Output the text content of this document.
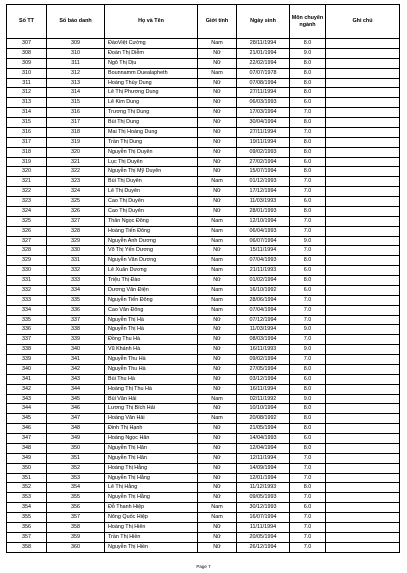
Số TT	Số báo danh	Họ và Tên	Giới tính	Ngày sinh	Môn chuyên ngành	Ghi chú
307	309	ĐàoViệt Cường	Nam	28/11/1994	8.0	
308	310	Đoàn Thị Diễm	Nữ	21/01/1994	9.0	
309	311	Ngô Thị Dịu	Nữ	22/02/1994	8.0	
310	312	Bounnamm Duealapheth	Nam	07/07/1978	8.0	
311	313	Hoàng Thùy Dung	Nữ	07/08/1994	8.0	
312	314	Lê Thị Phương Dung	Nữ	27/11/1994	8.0	
313	315	Lê Kim Dung	Nữ	06/03/1993	6.0	
314	316	Trương Thị Dung	Nữ	17/03/1994	7.0	
315	317	Bùi Thị Dung	Nữ	30/04/1994	8.0	
316	318	Mai Thị Hoàng Dung	Nữ	27/11/1994	7.0	
317	319	Trần Thị Dung	Nữ	19/11/1994	8.0	
318	320	Nguyễn Thị Duyên	Nữ	09/02/1993	8.0	
319	321	Lục Thị Duyên	Nữ	27/02/1994	6.0	
320	322	Nguyễn Thị Mỹ Duyên	Nữ	15/07/1994	8.0	
321	323	Bùi Thị Duyên	Nam	01/12/1993	7.0	
322	324	Lê Thị Duyên	Nữ	17/12/1994	7.0	
323	325	Cao Thị Duyên	Nữ	11/03/1993	6.0	
324	326	Cao Thị Duyên	Nữ	28/01/1993	8.0	
325	327	Thân Ngọc Đông	Nam	12/10/1994	7.0	
326	328	Hoàng Tiến Đông	Nam	06/04/1993	7.0	
327	329	Nguyễn Anh Dương	Nam	06/07/1994	9.0	
328	330	Võ Thị Yến Dương	Nữ	15/11/1994	7.0	
329	331	Nguyễn Văn Dương	Nam	07/04/1993	8.0	
330	332	Lê Xuân Dương	Nam	21/11/1993	6.0	
331	333	Triệu Thị Đào	Nữ	01/02/1994	8.0	
332	334	Dương Văn Điện	Nam	16/10/1992	6.0	
333	335	Nguyễn Tiến Đông	Nam	28/06/1994	7.0	
334	336	Cao Văn Đông	Nam	07/04/1994	7.0	
335	337	Nguyễn Thị Hà	Nữ	07/12/1994	7.0	
336	338	Nguyễn Thị Hà	Nữ	11/03/1994	9.0	
337	339	Đồng Thu Hà	Nữ	08/03/1994	7.0	
338	340	Vũ Khánh Hà	Nữ	16/11/1993	9.0	
339	341	Nguyễn Thu Hà	Nữ	09/02/1994	7.0	
340	342	Nguyễn Thu Hà	Nữ	27/05/1994	8.0	
341	343	Bùi Thu Hà	Nữ	03/12/1994	6.0	
342	344	Hoàng Thị Thu Hà	Nữ	16/11/1994	8.0	
343	345	Bùi Văn Hải	Nam	02/11/1992	9.0	
344	346	Lương Thị Bích Hải	Nữ	10/10/1994	8.0	
345	347	Hoàng Văn Hải	Nam	20/08/1992	8.0	
346	348	Đinh Thị Hạnh	Nữ	21/05/1994	8.0	
347	349	Hoàng Ngọc Hân	Nữ	14/04/1993	6.0	
348	350	Nguyễn Thị Hân	Nữ	12/04/1994	8.0	
349	351	Nguyễn Thị Hân	Nữ	12/11/1994	7.0	
350	352	Hoàng Thị Hằng	Nữ	14/09/1994	7.0	
351	353	Nguyễn Thị Hằng	Nữ	12/01/1994	7.0	
352	354	Lê Thị Hằng	Nữ	11/12/1993	8.0	
353	355	Nguyễn Thị Hằng	Nữ	09/05/1993	7.0	
354	356	Đỗ Thanh Hiệp	Nam	30/12/1993	6.0	
355	357	Nông Quốc Hiệp	Nam	16/07/1994	7.0	
356	358	Hoàng Thị Hiên	Nữ	11/11/1994	7.0	
357	359	Trần Thị Hiền	Nữ	20/05/1994	7.0	
358	360	Nguyễn Thị Hiền	Nữ	26/12/1994	7.0	
Page 7
